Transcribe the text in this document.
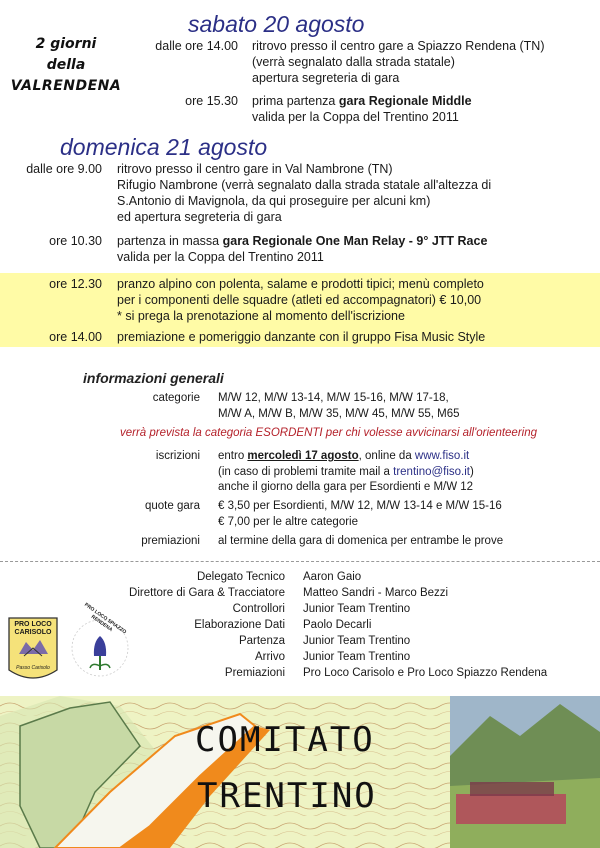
2 giorni
della
VALRENDENA
sabato 20 agosto
dalle ore 14.00 ritrovo presso il centro gare a Spiazzo Rendena (TN)
(verrà segnalato dalla strada statale)
apertura segreteria di gara
ore 15.30 prima partenza gara Regionale Middle
valida per la Coppa del Trentino 2011
domenica 21 agosto
dalle ore 9.00 ritrovo presso il centro gare in Val Nambrone (TN)
Rifugio Nambrone (verrà segnalato dalla strada statale all'altezza di
S.Antonio di Mavignola, da qui proseguire per alcuni km)
ed apertura segreteria di gara
ore 10.30 partenza in massa gara Regionale One Man Relay - 9° JTT Race
valida per la Coppa del Trentino 2011
ore 12.30 pranzo alpino con polenta, salame e prodotti tipici; menù completo
per i componenti delle squadre (atleti ed accompagnatori) € 10,00
* si prega la prenotazione al momento dell'iscrizione
ore 14.00 premiazione e pomeriggio danzante con il gruppo Fisa Music Style
informazioni generali
categorie M/W 12, M/W 13-14, M/W 15-16, M/W 17-18,
M/W A, M/W B, M/W 35, M/W 45, M/W 55, M65
verrà prevista la categoria ESORDENTI per chi volesse avvicinarsi all'orienteering
iscrizioni entro mercoledì 17 agosto, online da www.fiso.it
(in caso di problemi tramite mail a trentino@fiso.it)
anche il giorno della gara per Esordienti e M/W 12
quote gara € 3,50 per Esordienti, M/W 12, M/W 13-14 e M/W 15-16
€ 7,00 per le altre categorie
premiazioni al termine della gara di domenica per entrambe le prove
Delegato Tecnico Aaron Gaio
Direttore di Gara & Tracciatore Matteo Sandri - Marco Bezzi
Controllori Junior Team Trentino
Elaborazione Dati Paolo Decarli
Partenza Junior Team Trentino
Arrivo Junior Team Trentino
Premiazioni Pro Loco Carisolo e Pro Loco Spiazzo Rendena
PRO LOCO
CARISOLO
Passo Carisolo
PRO LOCO SPIAZZO RENDENA
COMITATO
TRENTINO
